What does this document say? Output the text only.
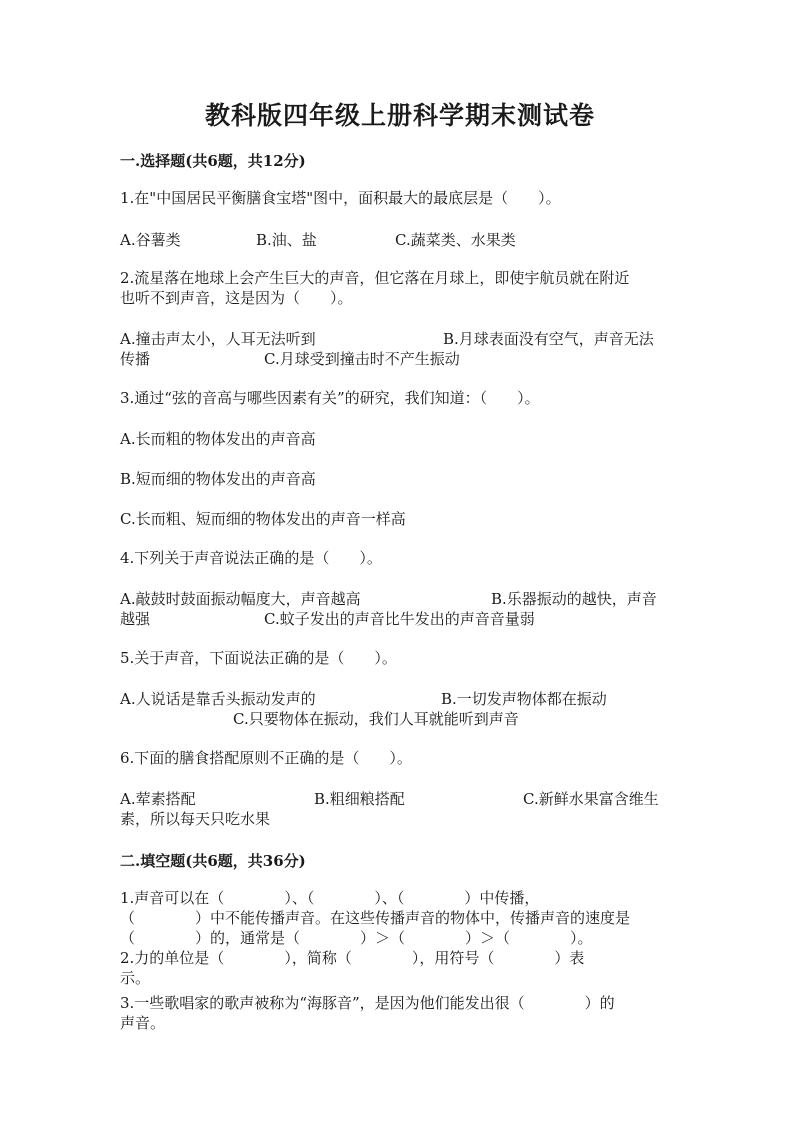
教科版四年级上册科学期末测试卷
一.选择题(共6题，共12分)
1.在"中国居民平衡膳食宝塔"图中，面积最大的最底层是（　　）。
A.谷薯类	B.油、盐	C.蔬菜类、水果类
2.流星落在地球上会产生巨大的声音，但它落在月球上，即使宇航员就在附近
也听不到声音，这是因为（　　）。
A.撞击声太小，人耳无法听到	B.月球表面没有空气，声音无法
传播	C.月球受到撞击时不产生振动
3.通过“弦的音高与哪些因素有关”的研究，我们知道：（　　）。
A.长而粗的物体发出的声音高
B.短而细的物体发出的声音高
C.长而粗、短而细的物体发出的声音一样高
4.下列关于声音说法正确的是（　　）。
A.敲鼓时鼓面振动幅度大，声音越高	B.乐器振动的越快，声音
越强	C.蚊子发出的声音比牛发出的声音音量弱
5.关于声音，下面说法正确的是（　　）。
A.人说话是靠舌头振动发声的	B.一切发声物体都在振动
C.只要物体在振动，我们人耳就能听到声音
6.下面的膳食搭配原则不正确的是（　　）。
A.荤素搭配	B.粗细粮搭配	C.新鲜水果富含维生
素，所以每天只吃水果
二.填空题(共6题，共36分)
1.声音可以在（　　　　）、（　　　　）、（　　　　）中传播，
（　　　　）中不能传播声音。在这些传播声音的物体中，传播声音的速度是
（　　　　）的，通常是（　　　　）＞（　　　　）＞（　　　　）。
2.力的单位是（　　　　），简称（　　　　），用符号（　　　　）表
示。
3.一些歌唱家的歌声被称为“海豚音”，是因为他们能发出很（　　　　）的
声音。
